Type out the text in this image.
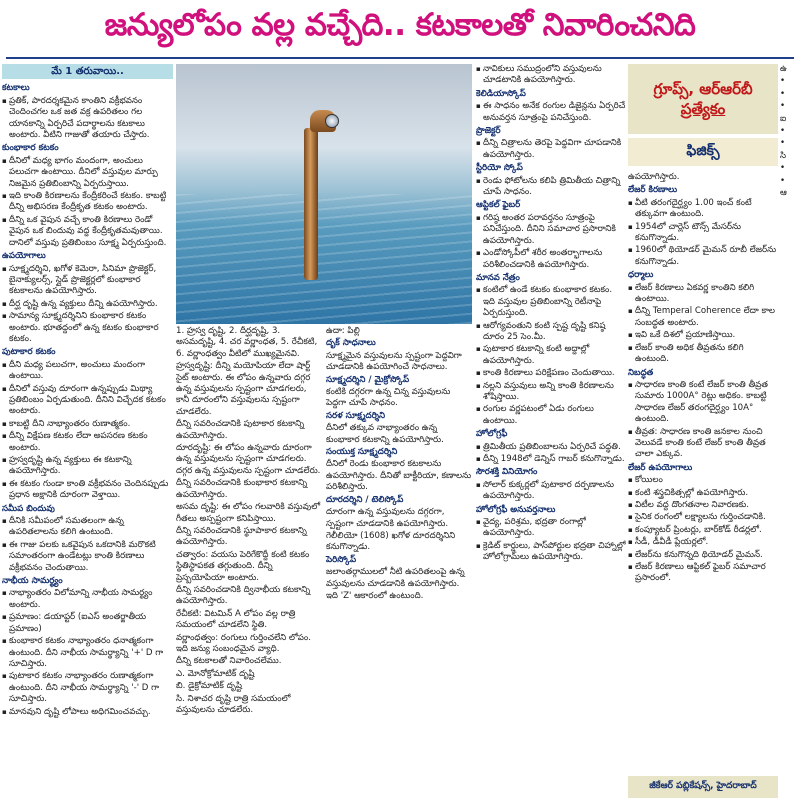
జన్యులోపం వల్ల వచ్చేది.. కటకాలతో నివారించనిది
మే 1 తరువాయి..

కటకాలు

▪ ప్రతిక్, పారదర్శకమైన కాంతిని వక్రీభవనం చెందించగల ఒక జత వక్ర ఉపరితలం గల యానకాన్ని ఏర్పరిచే పదార్థాలను కటకాలు అంటారు. వీటిని గాజుతో తయారు చేస్తారు.

కుంభాకార కటకం

▪ దీనిలో మధ్య భాగం మందంగా, అంచులు పలుచగా ఉంటాయి. దీనిలో వస్తువుల మార్పు నిజమైన ప్రతిబింబాన్ని ఏర్పరుస్తాయి.

▪ ఇది కాంతి కిరణాలను కేంద్రీకరించే కటకం. కాబట్టి దీన్ని అభిసరణ కేంద్రీకృత కటకం అంటారు.

▪ దీన్ని ఒక వైపున వచ్చే కాంతి కిరణాలు రెండో వైపున ఒక బిందువు వద్ద కేంద్రీకృతమవుతాయి. దానిలో వస్తువు ప్రతిబింబం సూక్ష్మ ఏర్పరుస్తుంది.

ఉపయోగాలు

▪ సూక్ష్మదర్శిని, ఖగోళ కెమెరా, సినిమా ప్రొజెక్టర్, బైనాక్యులర్స్, స్లైడ్ ప్రొజెక్టర్లలో కుంభాకార కటకాలను ఉపయోగిస్తారు.

▪ దీర్ఘ దృష్టి ఉన్న వ్యక్తులు దీన్ని ఉపయోగిస్తారు.

▪ సామాన్య సూక్ష్మదర్శినిని కుంభాకార కటకం అంటారు. భూతద్దంలో ఉన్న కటకం కుంభాకార కటకం.

పుటాకార కటకం

▪ దీని మధ్య పలుచగా, అంచులు మందంగా ఉంటాయి.

▪ దీనిలో వస్తువు దూరంగా ఉన్నప్పుడు మిథ్యా ప్రతిబింబం ఏర్పడుతుంది. దీనిని విచ్ఛేదక కటకం అంటారు.

▪ కాబట్టి దీని నాభ్యాంతరం రుణాత్మకం.

▪ దీన్ని విక్షేపణ కటకం లేదా అపసరణ కటకం అంటారు.

▪ హ్రస్వదృష్టి ఉన్న వ్యక్తులు ఈ కటకాన్ని ఉపయోగిస్తారు.

▪ ఈ కటకం గుండా కాంతి వక్రీభవనం చెందినప్పుడు ప్రధాన అక్షానికి దూరంగా వెళ్తాయి.

సమీప బిందువు

▪ దీనికి సమీపంలో సమతలంగా ఉన్న ఉపరితలాలను కలిగి ఉంటుంది.

▪ ఈ గాజు పలకు ఒకవైపున ఒకదానికి మరొకటి సమాంతరంగా ఉండేటట్లు కాంతి కిరణాలు వక్రీభవనం చెందుతాయి.

నాభీయ సామర్థ్యం

▪ నాభ్యాంతరం విలోమాన్ని నాభీయ సామర్థ్యం అంటారు.

▪ ప్రమాణం: డయాప్టర్ (ఐఎస్ అంతర్జాతీయ ప్రమాణం)

▪ కుంభాకార కటకం నాభ్యాంతరం ధనాత్మకంగా ఉంటుంది. దీని నాభీయ సామర్థ్యాన్ని '+' D గా సూచిస్తారు.

▪ పుటాకార కటకం నాభ్యాంతరం రుణాత్మకంగా ఉంటుంది. దీని నాభీయ సామర్థ్యాన్ని '-' D గా సూచిస్తారు.

▪ మానవుని దృష్టి లోపాలు అధిగమించవచ్చు.

1. హ్రస్వ దృష్టి, 2. దీర్ఘదృష్టి, 3. అసమదృష్టి, 4. చర వర్ణాంధత, 5. రేచీకటి, 6. వర్ణాంధత్వం వీటిలో ముఖ్యమైనవి.

హ్రస్వదృష్టి: దీన్ని మయోపియా లేదా షార్ట్ సైట్ అంటారు. ఈ లోపం ఉన్నవారు దగ్గర ఉన్న వస్తువులను స్పష్టంగా చూడగలరు, కానీ దూరంలోని వస్తువులను స్పష్టంగా చూడలేరు.

దీన్ని సవరించడానికి పుటాకార కటకాన్ని ఉపయోగిస్తారు.

దూరదృష్టి: ఈ లోపం ఉన్నవారు దూరంగా ఉన్న వస్తువులను స్పష్టంగా చూడగలరు. దగ్గర ఉన్న వస్తువులను స్పష్టంగా చూడలేరు.

దీన్ని సవరించడానికి కుంభాకార కటకాన్ని ఉపయోగిస్తారు.

అసమ దృష్టి: ఈ లోపం గలవారికి వస్తువులో గీతలు అస్పష్టంగా కనిపిస్తాయి.

దీన్ని సవరించడానికి స్థూపాకార కటకాన్ని ఉపయోగిస్తారు.

చత్వారం: వయసు పెరిగేకొద్దీ కంటి కటకం స్థితిస్థాపకత తగ్గుతుంది. దీన్ని ప్రెస్బయోపియా అంటారు.

దీన్ని సవరించడానికి ద్వినాభీయ కటకాన్ని ఉపయోగిస్తారు.

రేచీకటి: విటమిన్ A లోపం వల్ల రాత్రి సమయంలో చూడలేని స్థితి.

వర్ణాంధత్వం: రంగులు గుర్తించలేని లోపం. ఇది జన్యు సంబంధమైన వ్యాధి.

దీన్ని కటకాలతో నివారించలేము.

ఎ. మోనోక్రోమాటిక్ దృష్టి

బి. డైక్రోమాటిక్ దృష్టి

సి. నిశాచర దృష్టి రాత్రి సమయంలో వస్తువులను చూడలేరు.

ఉదా: పిల్లి

దృక్ సాధనాలు

సూక్ష్మమైన వస్తువులను స్పష్టంగా పెద్దవిగా చూడడానికి ఉపయోగించే సాధనాలు.

సూక్ష్మదర్శిని / మైక్రోస్కోప్

కంటికి దగ్గరగా ఉన్న చిన్న వస్తువులను పెద్దగా చూపే సాధనం.

సరళ సూక్ష్మదర్శిని

దీనిలో తక్కువ నాభ్యాంతరం ఉన్న కుంభాకార కటకాన్ని ఉపయోగిస్తారు.

సంయుక్త సూక్ష్మదర్శిని

దీనిలో రెండు కుంభాకార కటకాలను ఉపయోగిస్తారు. దీనితో బాక్టీరియా, కణాలను పరిశీలిస్తారు.

దూరదర్శిని / టెలిస్కోప్

దూరంగా ఉన్న వస్తువులను దగ్గరగా, స్పష్టంగా చూడడానికి ఉపయోగిస్తారు.

గెలీలియో (1608) ఖగోళ దూరదర్శినిని కనుగొన్నాడు.

పెరిస్కోప్

జలాంతర్గాములలో నీటి ఉపరితలంపై ఉన్న వస్తువులను చూడడానికి ఉపయోగిస్తారు.

ఇది 'Z' ఆకారంలో ఉంటుంది.

▪ నావికులు సముద్రంలోని వస్తువులను చూడటానికి ఉపయోగిస్తారు.

కెలిడియాస్కోప్

▪ ఈ సాధనం అనేక రంగుల డిజైన్లను ఏర్పరిచే అనువర్తన సూత్రంపై పనిచేస్తుంది.

ప్రొజెక్టర్

▪ దీన్ని చిత్రాలను తెరపై పెద్దవిగా చూపడానికి ఉపయోగిస్తారు.

స్టీరియో స్కోప్

▪ రెండు ఫోటోలను కలిపి త్రిమితీయ చిత్రాన్ని చూపే సాధనం.

ఆప్టికల్ ఫైబర్

▪ గరిష్ఠ అంతర పరావర్తనం సూత్రంపై పనిచేస్తుంది. దీనిని సమాచార ప్రసారానికి ఉపయోగిస్తారు.

▪ ఎండోస్కోపీలో శరీర అంతర్భాగాలను పరిశీలించడానికి ఉపయోగిస్తారు.

మానవ నేత్రం

▪ కంటిలో ఉండే కటకం కుంభాకార కటకం. ఇది వస్తువుల ప్రతిబింబాన్ని రెటీనాపై ఏర్పరుస్తుంది.

▪ ఆరోగ్యవంతుని కంటి స్పష్ట దృష్టి కనిష్ఠ దూరం 25 సెం.మీ.

▪ పుటాకార కటకాన్ని కంటి అద్దాల్లో ఉపయోగిస్తారు.

▪ కాంతి కిరణాలు పరిక్షేపణం చెందుతాయి.

▪ నల్లని వస్తువులు అన్ని కాంతి కిరణాలను శోషిస్తాయి.

▪ రంగుల వర్ణపటంలో ఏడు రంగులు ఉంటాయి.

హోలోగ్రఫీ

▪ త్రిమితీయ ప్రతిబింబాలను ఏర్పరిచే పద్ధతి.

▪ దీన్ని 1948లో డెన్నిస్ గాబర్ కనుగొన్నాడు.

సౌరశక్తి వినియోగం

▪ సోలార్ కుక్కర్లలో పుటాకార దర్పణాలను ఉపయోగిస్తారు.

హోలోగ్రఫీ అనువర్తనాలు

▪ వైద్య, పరిశ్రమ, భద్రతా రంగాల్లో ఉపయోగిస్తారు.

▪ క్రెడిట్ కార్డులు, పాస్‌పోర్టుల భద్రతా చిహ్నాల్లో హోలోగ్రామ్‌లు ఉపయోగిస్తారు.

గ్రూప్స్, ఆర్ఆర్‌బీ
ప్రత్యేకం
ఫిజిక్స్

ఉపయోగిస్తారు.

లేజర్ కిరణాలు

▪ వీటి తరంగదైర్ఘ్యం 1.00 ఇంచ్ కంటే తక్కువగా ఉంటుంది.

▪ 1954లో చార్లెస్ టౌన్స్ మేసర్‌ను కనుగొన్నాడు.

▪ 1960లో థియోడర్ మైమన్ రూబీ లేజర్‌ను కనుగొన్నాడు.

ధర్మాలు

▪ లేజర్ కిరణాలు ఏకవర్ణ కాంతిని కలిగి ఉంటాయి.

▪ దీన్ని Temperal Coherence లేదా కాల సంబద్ధత అంటారు.

▪ ఇవి ఒకే దిశలో ప్రయాణిస్తాయి.

▪ లేజర్ కాంతి అధిక తీవ్రతను కలిగి ఉంటుంది.

నిబద్ధత

▪ సాధారణ కాంతి కంటే లేజర్ కాంతి తీవ్రత సుమారు 1000A° రెట్లు అధికం. కాబట్టి సాధారణ లేజర్ తరంగదైర్ఘ్యం 10A° ఉంటుంది.

▪ తీవ్రత: సాధారణ కాంతి జనకాల నుంచి వెలువడే కాంతి కంటే లేజర్ కాంతి తీవ్రత చాలా ఎక్కువ.

లేజర్ ఉపయోగాలు

▪ కోయిలం

▪ కంటి శస్త్రచికిత్సల్లో ఉపయోగిస్తారు.

▪ విటీల వద్ద దొంగతనాల నివారణకు.

▪ సైనిక రంగంలో లక్ష్యాలను గుర్తించడానికి.

▪ కంప్యూటర్ ప్రింటర్లు, బార్‌కోడ్ రీడర్లలో.

▪ సీడీ, డీవీడీ ప్లేయర్లలో.

▪ లేజర్‌ను కనుగొన్నది థియోడర్ మైమన్.

▪ లేజర్ కిరణాలు ఆప్టికల్ ఫైబర్ సమాచార ప్రసారంలో.

ఉ

•

•

•

ఐ

•

•

సి

•

•

ఆ

జీకేఆర్ పబ్లికేషన్స్, హైదరాబాద్
